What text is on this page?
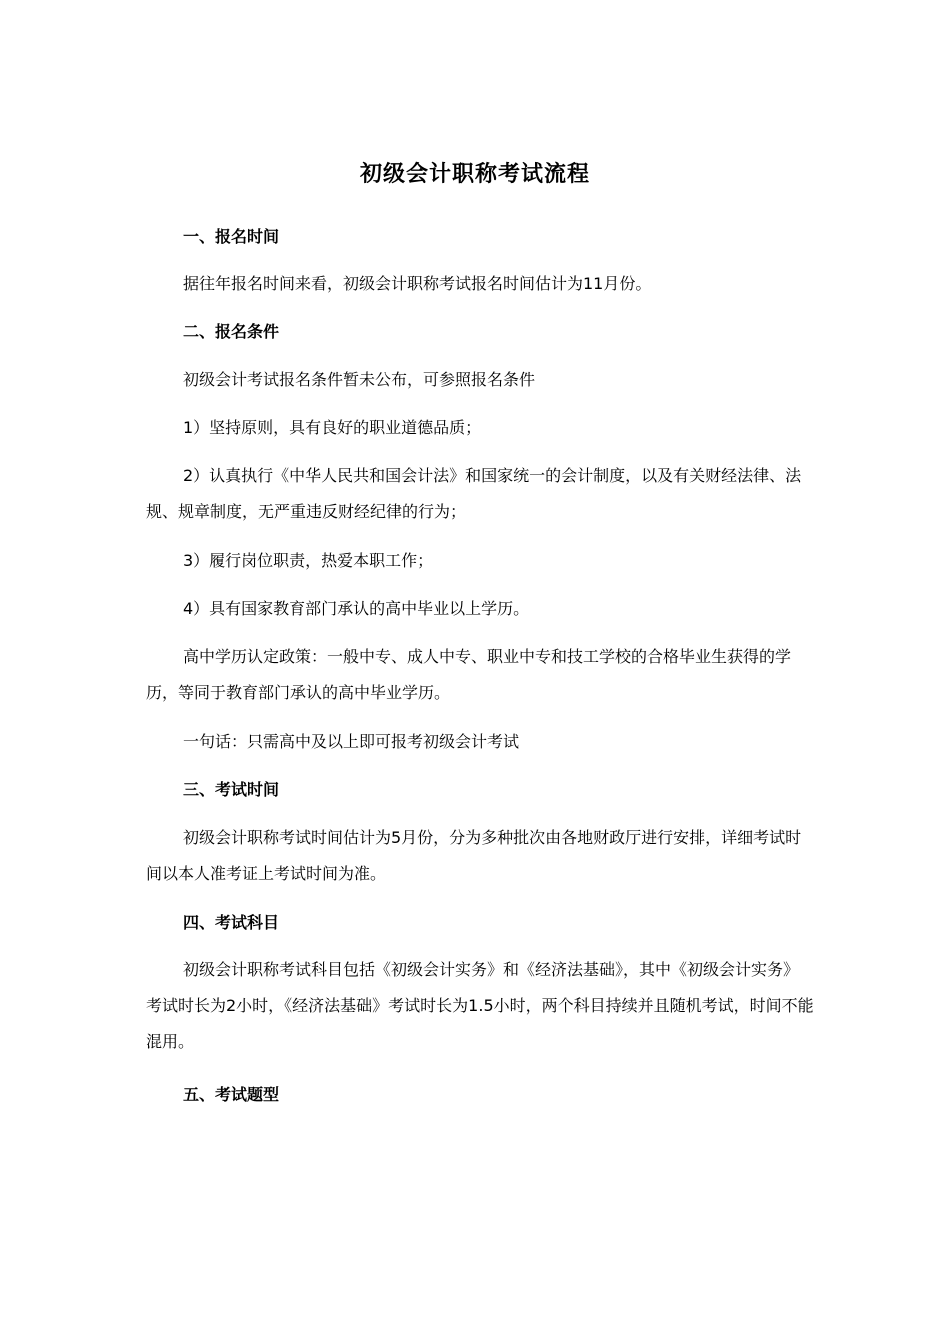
初级会计职称考试流程
一、报名时间
据往年报名时间来看，初级会计职称考试报名时间估计为11月份。
二、报名条件
初级会计考试报名条件暂未公布，可参照报名条件
1）坚持原则，具有良好的职业道德品质；
2）认真执行《中华人民共和国会计法》和国家统一的会计制度，以及有关财经法律、法规、规章制度，无严重违反财经纪律的行为；
3）履行岗位职责，热爱本职工作；
4）具有国家教育部门承认的高中毕业以上学历。
高中学历认定政策：一般中专、成人中专、职业中专和技工学校的合格毕业生获得的学历，等同于教育部门承认的高中毕业学历。
一句话：只需高中及以上即可报考初级会计考试
三、考试时间
初级会计职称考试时间估计为5月份，分为多种批次由各地财政厅进行安排，详细考试时间以本人准考证上考试时间为准。
四、考试科目
初级会计职称考试科目包括《初级会计实务》和《经济法基础》，其中《初级会计实务》考试时长为2小时，《经济法基础》考试时长为1.5小时，两个科目持续并且随机考试，时间不能混用。
五、考试题型
